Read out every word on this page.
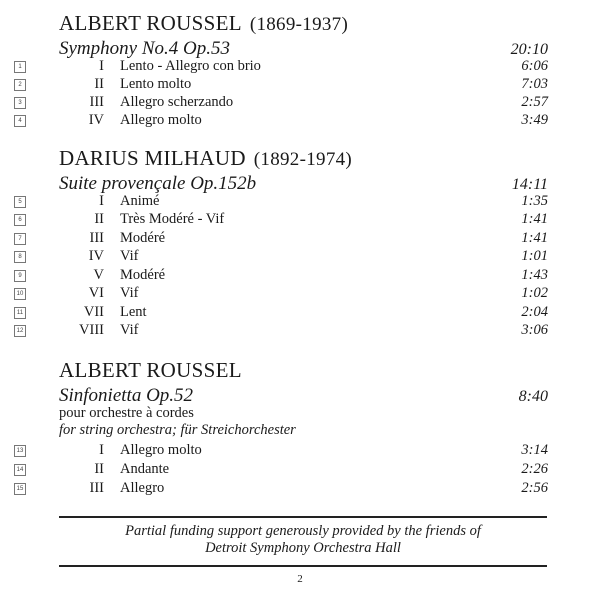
ALBERT ROUSSEL (1869-1937)
Symphony No.4 Op.53	20:10
1	I Lento - Allegro con brio	6:06
2	II Lento molto	7:03
3	III Allegro scherzando	2:57
4	IV Allegro molto	3:49
DARIUS MILHAUD (1892-1974)
Suite provençale Op.152b	14:11
5	I Animé	1:35
6	II Très Modéré - Vif	1:41
7	III Modéré	1:41
8	IV Vif	1:01
9	V Modéré	1:43
10	VI Vif	1:02
11	VII Lent	2:04
12	VIII Vif	3:06
ALBERT ROUSSEL
Sinfonietta Op.52	8:40
pour orchestre à cordes
for string orchestra; für Streichorchester
13	I Allegro molto	3:14
14	II Andante	2:26
15	III Allegro	2:56
Partial funding support generously provided by the friends of
Detroit Symphony Orchestra Hall
2
